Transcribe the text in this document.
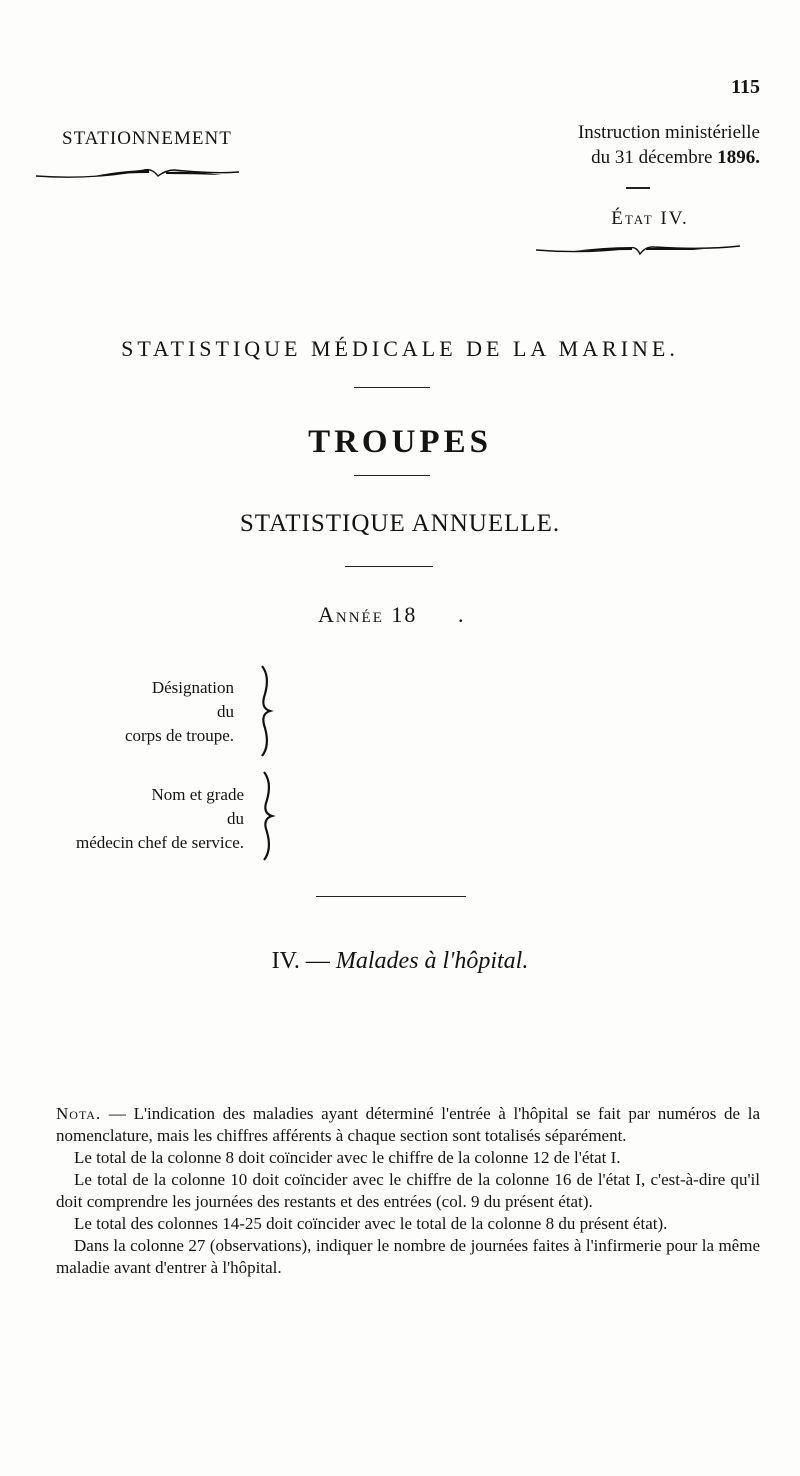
115
STATIONNEMENT	Instruction ministérielle
du 31 décembre 1896.
État IV.
STATISTIQUE MÉDICALE DE LA MARINE.
TROUPES
STATISTIQUE ANNUELLE.
Année 18 .
Désignation
du
corps de troupe.
Nom et grade
du
médecin chef de service.
IV. — Malades à l'hôpital.

Nota. — L'indication des maladies ayant déterminé l'entrée à l'hôpital se fait par numéros de la nomenclature, mais les chiffres afférents à chaque section sont totalisés séparément.

Le total de la colonne 8 doit coïncider avec le chiffre de la colonne 12 de l'état I.

Le total de la colonne 10 doit coïncider avec le chiffre de la colonne 16 de l'état I, c'est-à-dire qu'il doit comprendre les journées des restants et des entrées (col. 9 du présent état).

Le total des colonnes 14-25 doit coïncider avec le total de la colonne 8 du présent état).

Dans la colonne 27 (observations), indiquer le nombre de journées faites à l'infirmerie pour la même maladie avant d'entrer à l'hôpital.
